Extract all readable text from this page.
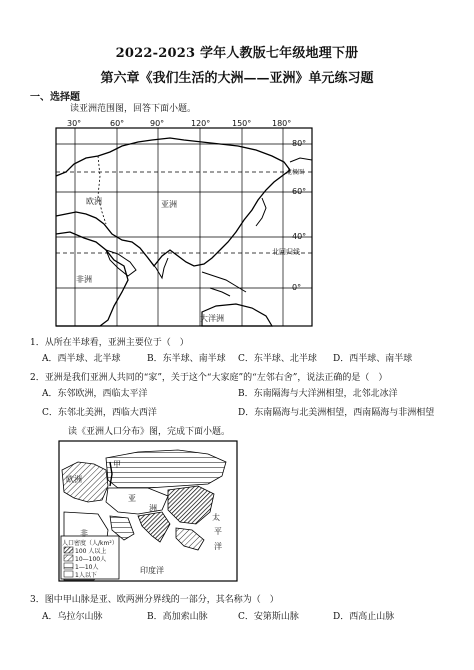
2022-2023 学年人教版七年级地理下册
第六章《我们生活的大洲——亚洲》单元练习题
一、选择题
读亚洲范围图，回答下面小题。
30°	60°	90°	120°	150°	180°
80°
北极圈
60°
40°
北回归线
0°
欧洲	亚洲
非洲
大洋洲
1．从所在半球看，亚洲主要位于（　）
A．西半球、北半球	B．东半球、南半球 C．东半球、北半球 D．西半球、南半球
2．亚洲是我们亚洲人共同的“家”，关于这个“大家庭”的“左邻右舍”，说法正确的是（　）
A．东邻欧洲，西临太平洋	B．东南隔海与大洋洲相望，北邻北冰洋
C．东邻北美洲，西临大西洋	D．东南隔海与北美洲相望，西南隔海与非洲相望
读《亚洲人口分布》图，完成下面小题。
甲
欧洲
亚
洲
非
太
平
洋
印度洋
人口密度（人/km²）
100 人以上
10—100人
1—10人
1人以下
3．图中甲山脉是亚、欧两洲分界线的一部分，其名称为（　）
A．乌拉尔山脉	B．高加索山脉	C．安第斯山脉	D．西高止山脉
